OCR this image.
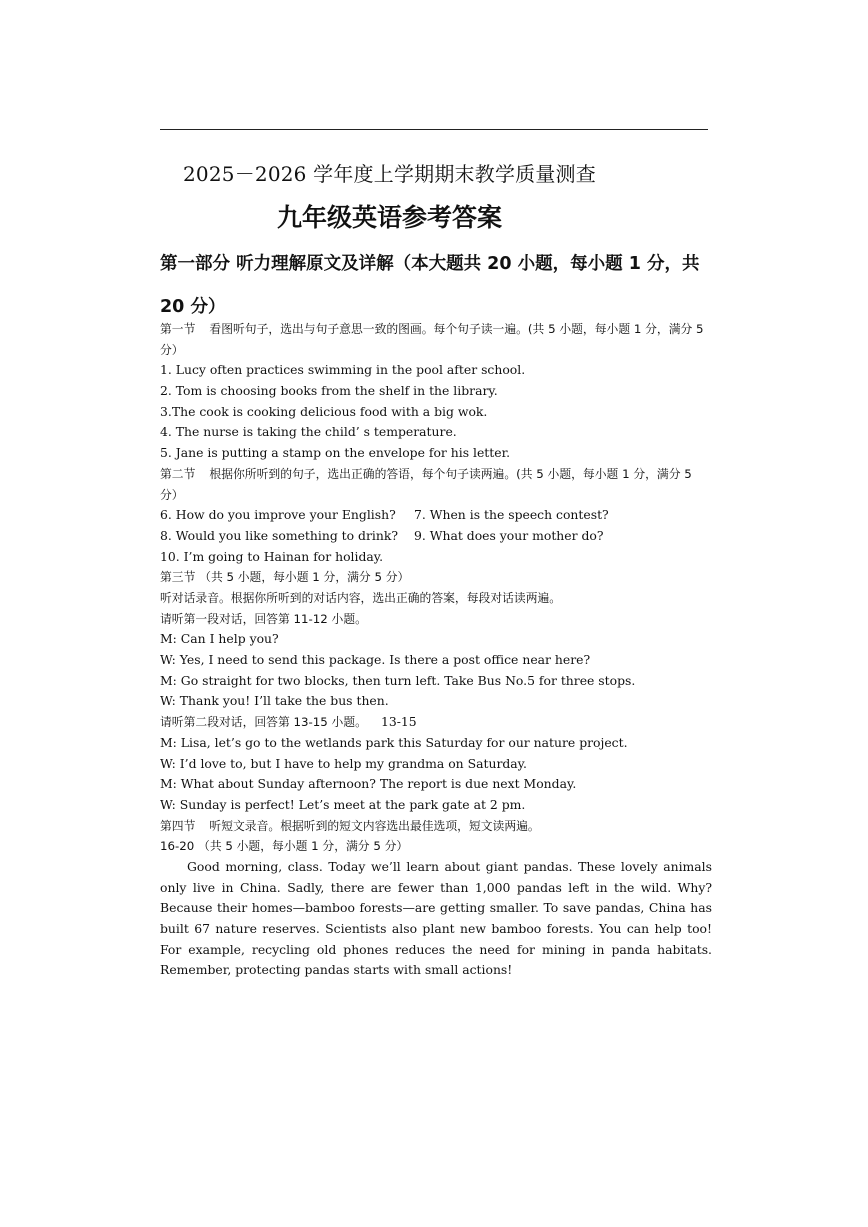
2025－2026 学年度上学期期末教学质量测查
九年级英语参考答案
第一部分 听力理解原文及详解（本大题共 20 小题，每小题 1 分，共 20 分）
第一节 看图听句子，选出与句子意思一致的图画。每个句子读一遍。(共 5 小题，每小题 1 分，满分 5 分）
1. Lucy often practices swimming in the pool after school.
2. Tom is choosing books from the shelf in the library.
3.The cook is cooking delicious food with a big wok.
4. The nurse is taking the child’ s temperature.
5. Jane is putting a stamp on the envelope for his letter.
第二节 根据你所听到的句子，选出正确的答语，每个句子读两遍。(共 5 小题，每小题 1 分，满分 5 分）
6. How do you improve your English?	7. When is the speech contest?
8. Would you like something to drink?	9. What does your mother do?
10. I’m going to Hainan for holiday.
第三节 （共 5 小题，每小题 1 分，满分 5 分）
听对话录音。根据你所听到的对话内容，选出正确的答案，每段对话读两遍。
请听第一段对话，回答第 11-12 小题。
M: Can I help you?
W: Yes, I need to send this package. Is there a post office near here?
M: Go straight for two blocks, then turn left. Take Bus No.5 for three stops.
W: Thank you! I’ll take the bus then.
请听第二段对话，回答第 13-15 小题。 13-15
M: Lisa, let’s go to the wetlands park this Saturday for our nature project.
W: I’d love to, but I have to help my grandma on Saturday.
M: What about Sunday afternoon? The report is due next Monday.
W: Sunday is perfect! Let’s meet at the park gate at 2 pm.
第四节 听短文录音。根据听到的短文内容选出最佳选项，短文读两遍。
16-20 （共 5 小题，每小题 1 分，满分 5 分）
Good morning, class. Today we’ll learn about giant pandas. These lovely animals only live in China. Sadly, there are fewer than 1,000 pandas left in the wild. Why? Because their homes—bamboo forests—are getting smaller. To save pandas, China has built 67 nature reserves. Scientists also plant new bamboo forests. You can help too! For example, recycling old phones reduces the need for mining in panda habitats. Remember, protecting pandas starts with small actions!
